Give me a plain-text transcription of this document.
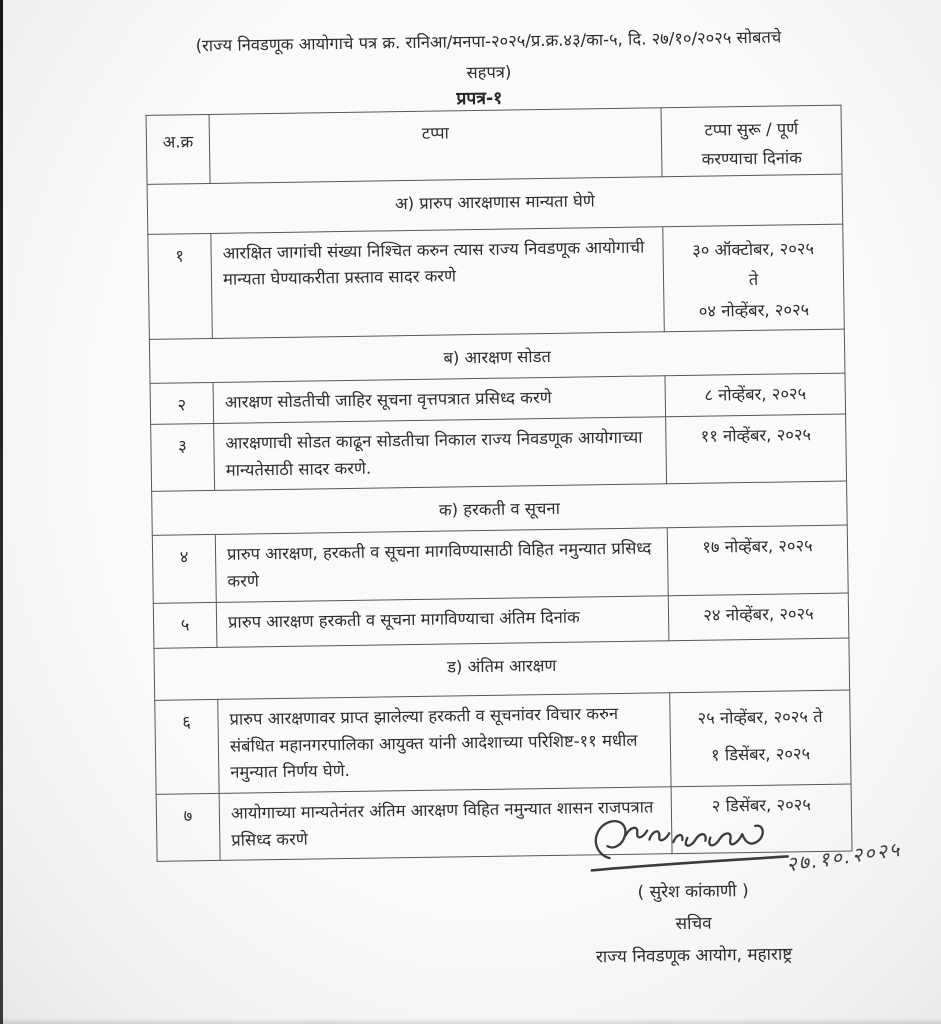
(राज्य निवडणूक आयोगाचे पत्र क्र. रानिआ/मनपा-२०२५/प्र.क्र.४३/का-५, दि. २७/१०/२०२५ सोबतचे
सहपत्र)
प्रपत्र-१
अ.क्र	टप्पा	टप्पा सुरू / पूर्ण
करण्याचा दिनांक
अ) प्रारुप आरक्षणास मान्यता घेणे		
१	आरक्षित जागांची संख्या निश्चित करुन त्यास राज्य निवडणूक आयोगाची मान्यता घेण्याकरीता प्रस्ताव सादर करणे	३० ऑक्टोबर, २०२५
ते
०४ नोव्हेंबर, २०२५
ब) आरक्षण सोडत		
२	आरक्षण सोडतीची जाहिर सूचना वृत्तपत्रात प्रसिध्द करणे	८ नोव्हेंबर, २०२५
३	आरक्षणाची सोडत काढून सोडतीचा निकाल राज्य निवडणूक आयोगाच्या मान्यतेसाठी सादर करणे.	११ नोव्हेंबर, २०२५
क) हरकती व सूचना		
४	प्रारुप आरक्षण, हरकती व सूचना मागविण्यासाठी विहित नमुन्यात प्रसिध्द करणे	१७ नोव्हेंबर, २०२५
५	प्रारुप आरक्षण हरकती व सूचना मागविण्याचा अंतिम दिनांक	२४ नोव्हेंबर, २०२५
ड) अंतिम आरक्षण		
६	प्रारुप आरक्षणावर प्राप्त झालेल्या हरकती व सूचनांवर विचार करुन संबंधित महानगरपालिका आयुक्त यांनी आदेशाच्या परिशिष्ट-११ मधील नमुन्यात निर्णय घेणे.	२५ नोव्हेंबर, २०२५ ते
१ डिसेंबर, २०२५
७	आयोगाच्या मान्यतेनंतर अंतिम आरक्षण विहित नमुन्यात शासन राजपत्रात प्रसिध्द करणे	२ डिसेंबर, २०२५
२७.१०.२०२५
( सुरेश कांकाणी )
सचिव
राज्य निवडणूक आयोग, महाराष्ट्र
